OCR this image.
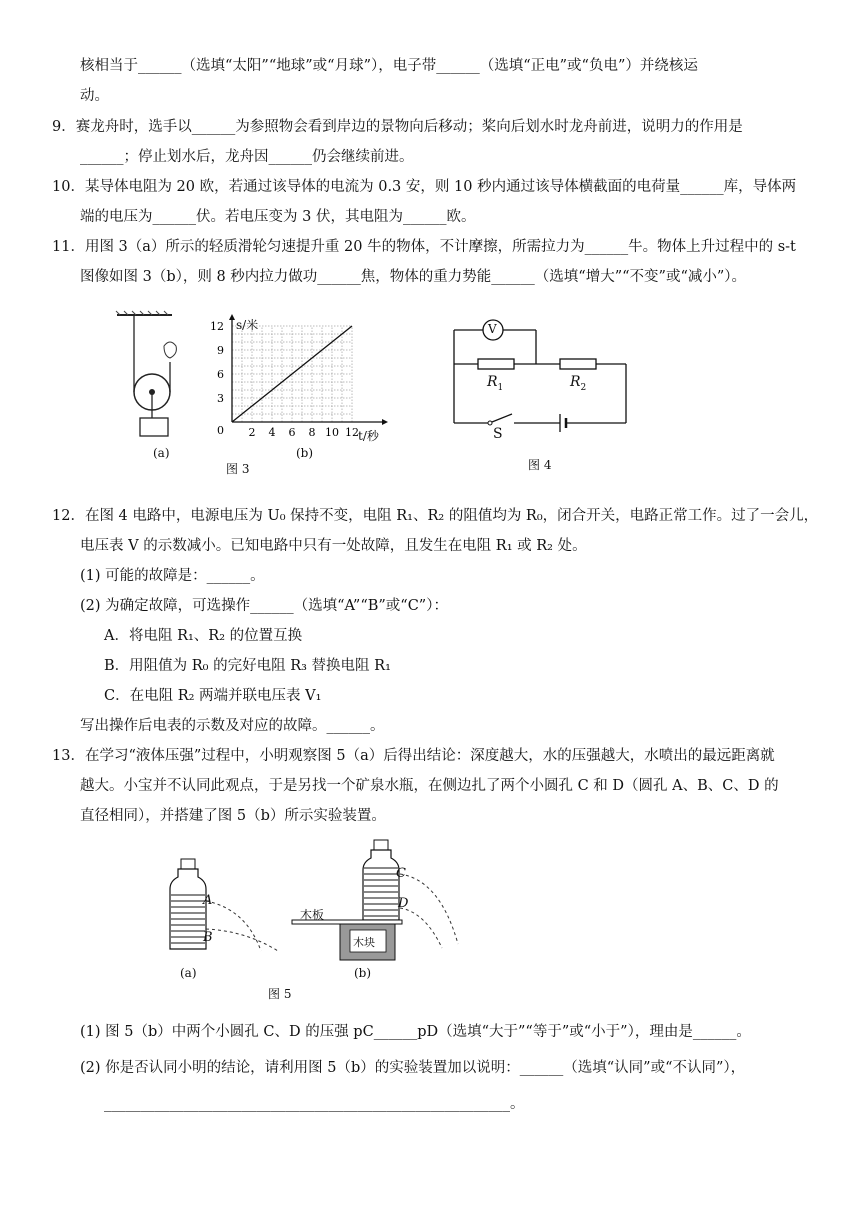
核相当于______（选填“太阳”“地球”或“月球”），电子带______（选填“正电”或“负电”）并绕核运
动。
9．赛龙舟时，选手以______为参照物会看到岸边的景物向后移动；桨向后划水时龙舟前进，说明力的作用是
______；停止划水后，龙舟因______仍会继续前进。
10．某导体电阻为 20 欧，若通过该导体的电流为 0.3 安，则 10 秒内通过该导体横截面的电荷量______库，导体两
端的电压为______伏。若电压变为 3 伏，其电阻为______欧。
11．用图 3（a）所示的轻质滑轮匀速提升重 20 牛的物体，不计摩擦，所需拉力为______牛。物体上升过程中的 s-t
图像如图 3（b），则 8 秒内拉力做功______焦，物体的重力势能______（选填“增大”“不变”或“减小”）。
(a)
3
6
9
12
2 4 6 8 10 12
0
s/米
t/秒
(b)
图 3
V
$R_1$	$R_2$
S
图 4
12．在图 4 电路中，电源电压为 U₀ 保持不变，电阻 R₁、R₂ 的阻值均为 R₀，闭合开关，电路正常工作。过了一会儿，
电压表 V 的示数减小。已知电路中只有一处故障，且发生在电阻 R₁ 或 R₂ 处。
(1) 可能的故障是：______。
(2) 为确定故障，可选操作______（选填“A”“B”或“C”）：
A．将电阻 R₁、R₂ 的位置互换
B．用阻值为 R₀ 的完好电阻 R₃ 替换电阻 R₁
C．在电阻 R₂ 两端并联电压表 V₁
写出操作后电表的示数及对应的故障。______。
13．在学习“液体压强”过程中，小明观察图 5（a）后得出结论：深度越大，水的压强越大，水喷出的最远距离就
越大。小宝并不认同此观点，于是另找一个矿泉水瓶，在侧边扎了两个小圆孔 C 和 D（圆孔 A、B、C、D 的
直径相同），并搭建了图 5（b）所示实验装置。
A
B
(a)
C
D
木板
木块
(b)
图 5
(1) 图 5（b）中两个小圆孔 C、D 的压强 pC______pD（选填“大于”“等于”或“小于”），理由是______。
(2) 你是否认同小明的结论，请利用图 5（b）的实验装置加以说明：______（选填“认同”或“不认同”），
________________________________________________________。
